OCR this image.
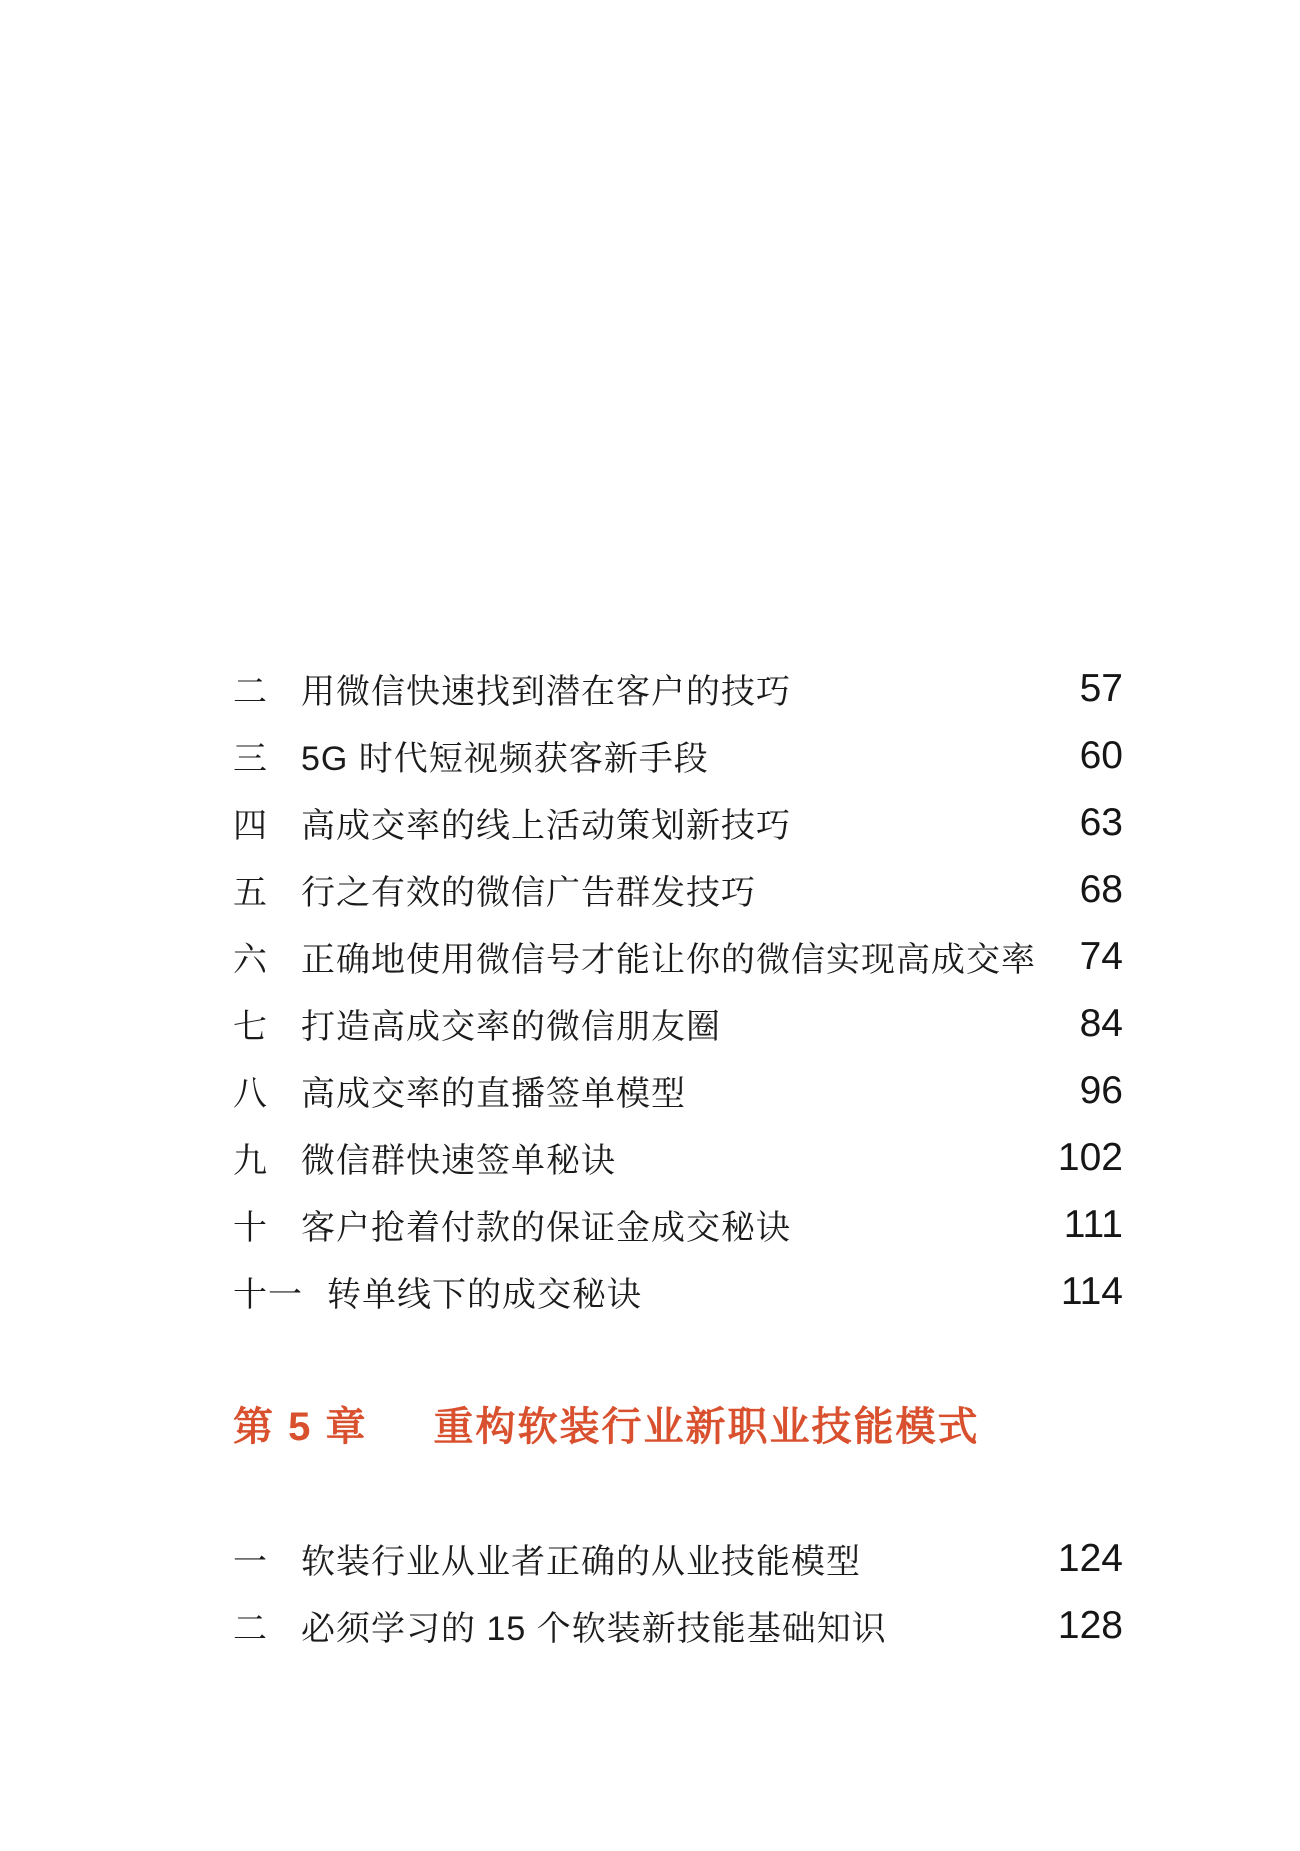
二 用微信快速找到潜在客户的技巧	57
三 5G 时代短视频获客新手段	60
四 高成交率的线上活动策划新技巧	63
五 行之有效的微信广告群发技巧	68
六 正确地使用微信号才能让你的微信实现高成交率	74
七 打造高成交率的微信朋友圈	84
八 高成交率的直播签单模型	96
九 微信群快速签单秘诀	102
十 客户抢着付款的保证金成交秘诀	111
十一 转单线下的成交秘诀	114
第 5 章 重构软装行业新职业技能模式
一 软装行业从业者正确的从业技能模型	124
二 必须学习的 15 个软装新技能基础知识	128
